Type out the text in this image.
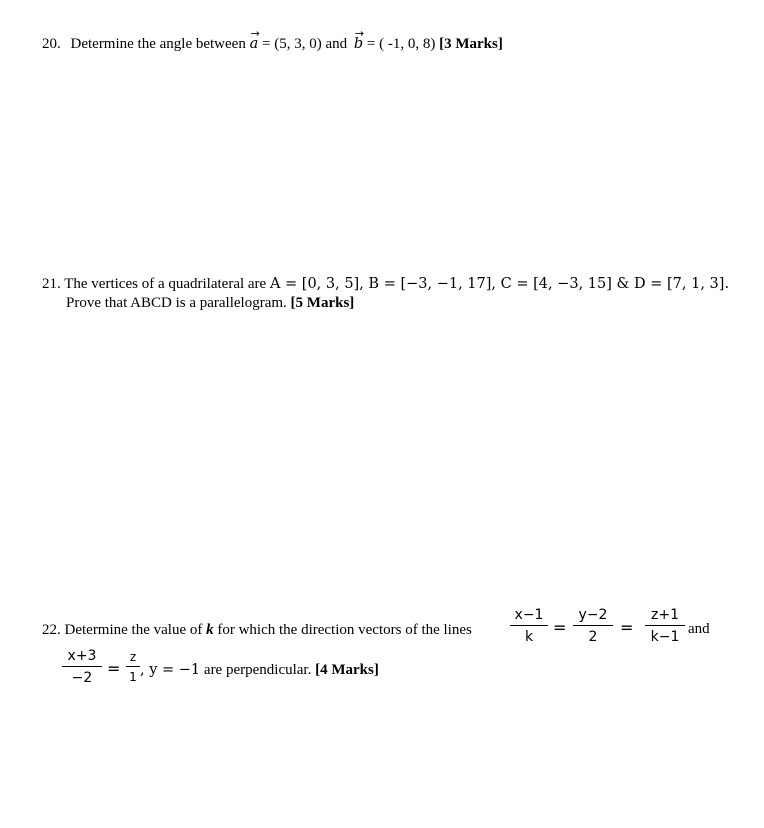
20. Determine the angle between
→
a = (5, 3, 0) and
→
b = ( -1, 0, 8) [3 Marks]
21. The vertices of a quadrilateral are A = [0, 3, 5], B = [−3, −1, 17], C = [4, −3, 15] & D = [7, 1, 3].
Prove that ABCD is a parallelogram. [5 Marks]
22. Determine the value of k for which the direction vectors of the lines
x−1
k	=
y−2
2	=
z+1
k−1 and
x+3
−2 =
z
1 , y = −1 are perpendicular. [4 Marks]
